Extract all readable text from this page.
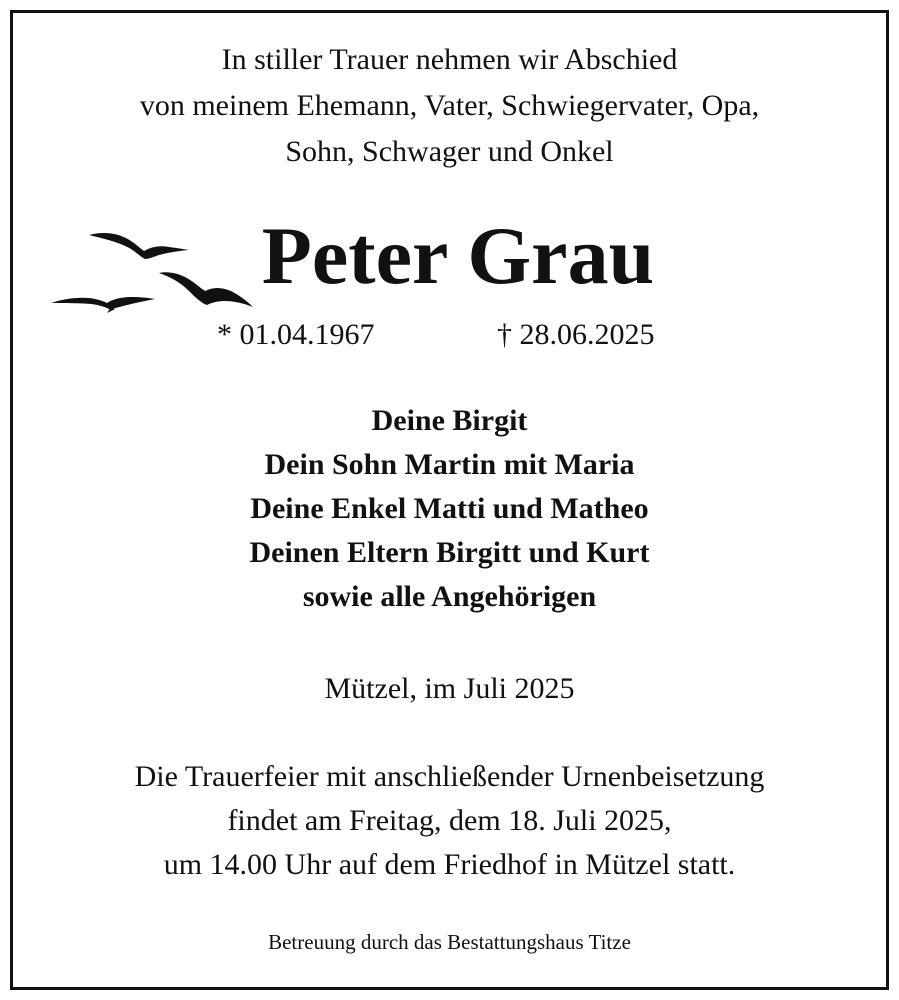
In stiller Trauer nehmen wir Abschied
von meinem Ehemann, Vater, Schwiegervater, Opa,
Sohn, Schwager und Onkel
Peter Grau
* 01.04.1967	† 28.06.2025
Deine Birgit
Dein Sohn Martin mit Maria
Deine Enkel Matti und Matheo
Deinen Eltern Birgitt und Kurt
sowie alle Angehörigen
Mützel, im Juli 2025
Die Trauerfeier mit anschließender Urnenbeisetzung
findet am Freitag, dem 18. Juli 2025,
um 14.00 Uhr auf dem Friedhof in Mützel statt.
Betreuung durch das Bestattungshaus Titze
